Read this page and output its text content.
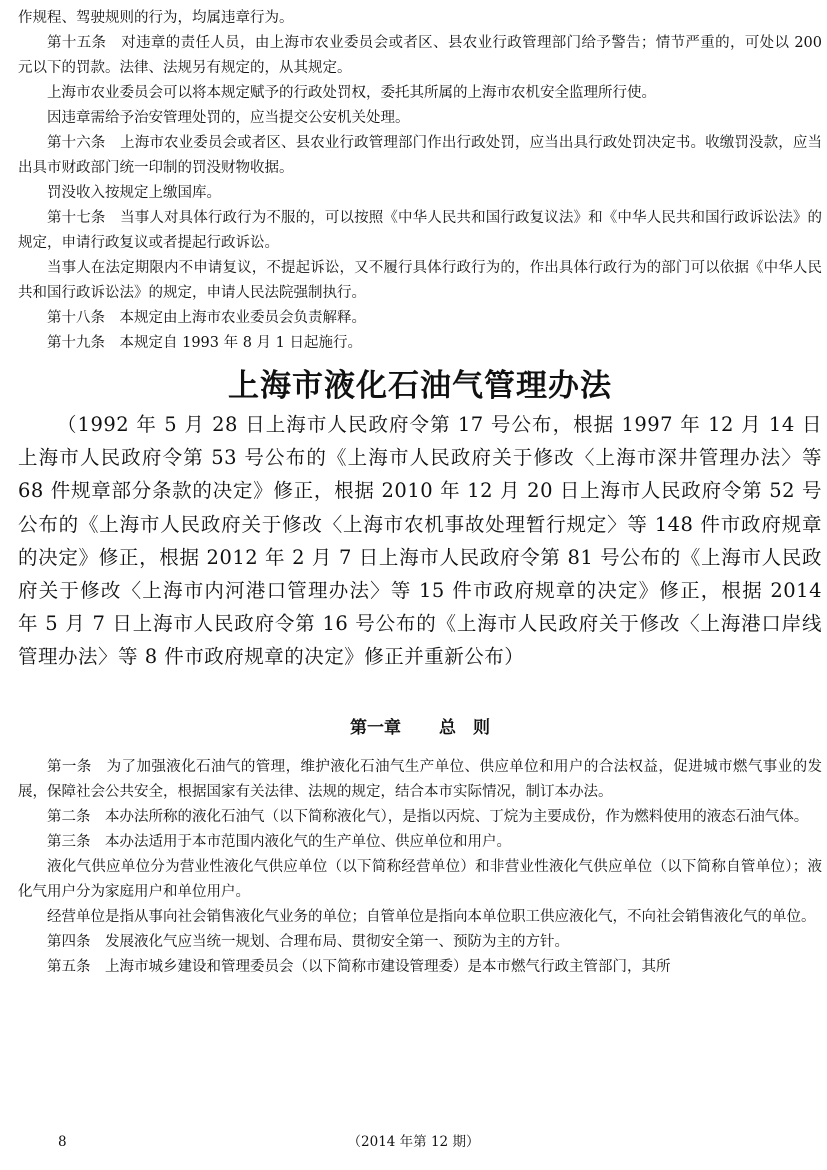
作规程、驾驶规则的行为，均属违章行为。

第十五条　对违章的责任人员，由上海市农业委员会或者区、县农业行政管理部门给予警告；情节严重的，可处以 200 元以下的罚款。法律、法规另有规定的，从其规定。

上海市农业委员会可以将本规定赋予的行政处罚权，委托其所属的上海市农机安全监理所行使。

因违章需给予治安管理处罚的，应当提交公安机关处理。

第十六条　上海市农业委员会或者区、县农业行政管理部门作出行政处罚，应当出具行政处罚决定书。收缴罚没款，应当出具市财政部门统一印制的罚没财物收据。

罚没收入按规定上缴国库。

第十七条　当事人对具体行政行为不服的，可以按照《中华人民共和国行政复议法》和《中华人民共和国行政诉讼法》的规定，申请行政复议或者提起行政诉讼。

当事人在法定期限内不申请复议，不提起诉讼，又不履行具体行政行为的，作出具体行政行为的部门可以依据《中华人民共和国行政诉讼法》的规定，申请人民法院强制执行。

第十八条　本规定由上海市农业委员会负责解释。

第十九条　本规定自 1993 年 8 月 1 日起施行。

上海市液化石油气管理办法

（1992 年 5 月 28 日上海市人民政府令第 17 号公布，根据 1997 年 12 月 14 日上海市人民政府令第 53 号公布的《上海市人民政府关于修改〈上海市深井管理办法〉等 68 件规章部分条款的决定》修正，根据 2010 年 12 月 20 日上海市人民政府令第 52 号公布的《上海市人民政府关于修改〈上海市农机事故处理暂行规定〉等 148 件市政府规章的决定》修正，根据 2012 年 2 月 7 日上海市人民政府令第 81 号公布的《上海市人民政府关于修改〈上海市内河港口管理办法〉等 15 件市政府规章的决定》修正，根据 2014 年 5 月 7 日上海市人民政府令第 16 号公布的《上海市人民政府关于修改〈上海港口岸线管理办法〉等 8 件市政府规章的决定》修正并重新公布）

第一章 总　则

第一条　为了加强液化石油气的管理，维护液化石油气生产单位、供应单位和用户的合法权益，促进城市燃气事业的发展，保障社会公共安全，根据国家有关法律、法规的规定，结合本市实际情况，制订本办法。

第二条　本办法所称的液化石油气（以下简称液化气），是指以丙烷、丁烷为主要成份，作为燃料使用的液态石油气体。

第三条　本办法适用于本市范围内液化气的生产单位、供应单位和用户。

液化气供应单位分为营业性液化气供应单位（以下简称经营单位）和非营业性液化气供应单位（以下简称自管单位）；液化气用户分为家庭用户和单位用户。

经营单位是指从事向社会销售液化气业务的单位；自管单位是指向本单位职工供应液化气，不向社会销售液化气的单位。

第四条　发展液化气应当统一规划、合理布局、贯彻安全第一、预防为主的方针。

第五条　上海市城乡建设和管理委员会（以下简称市建设管理委）是本市燃气行政主管部门，其所

8	（2014 年第 12 期）
